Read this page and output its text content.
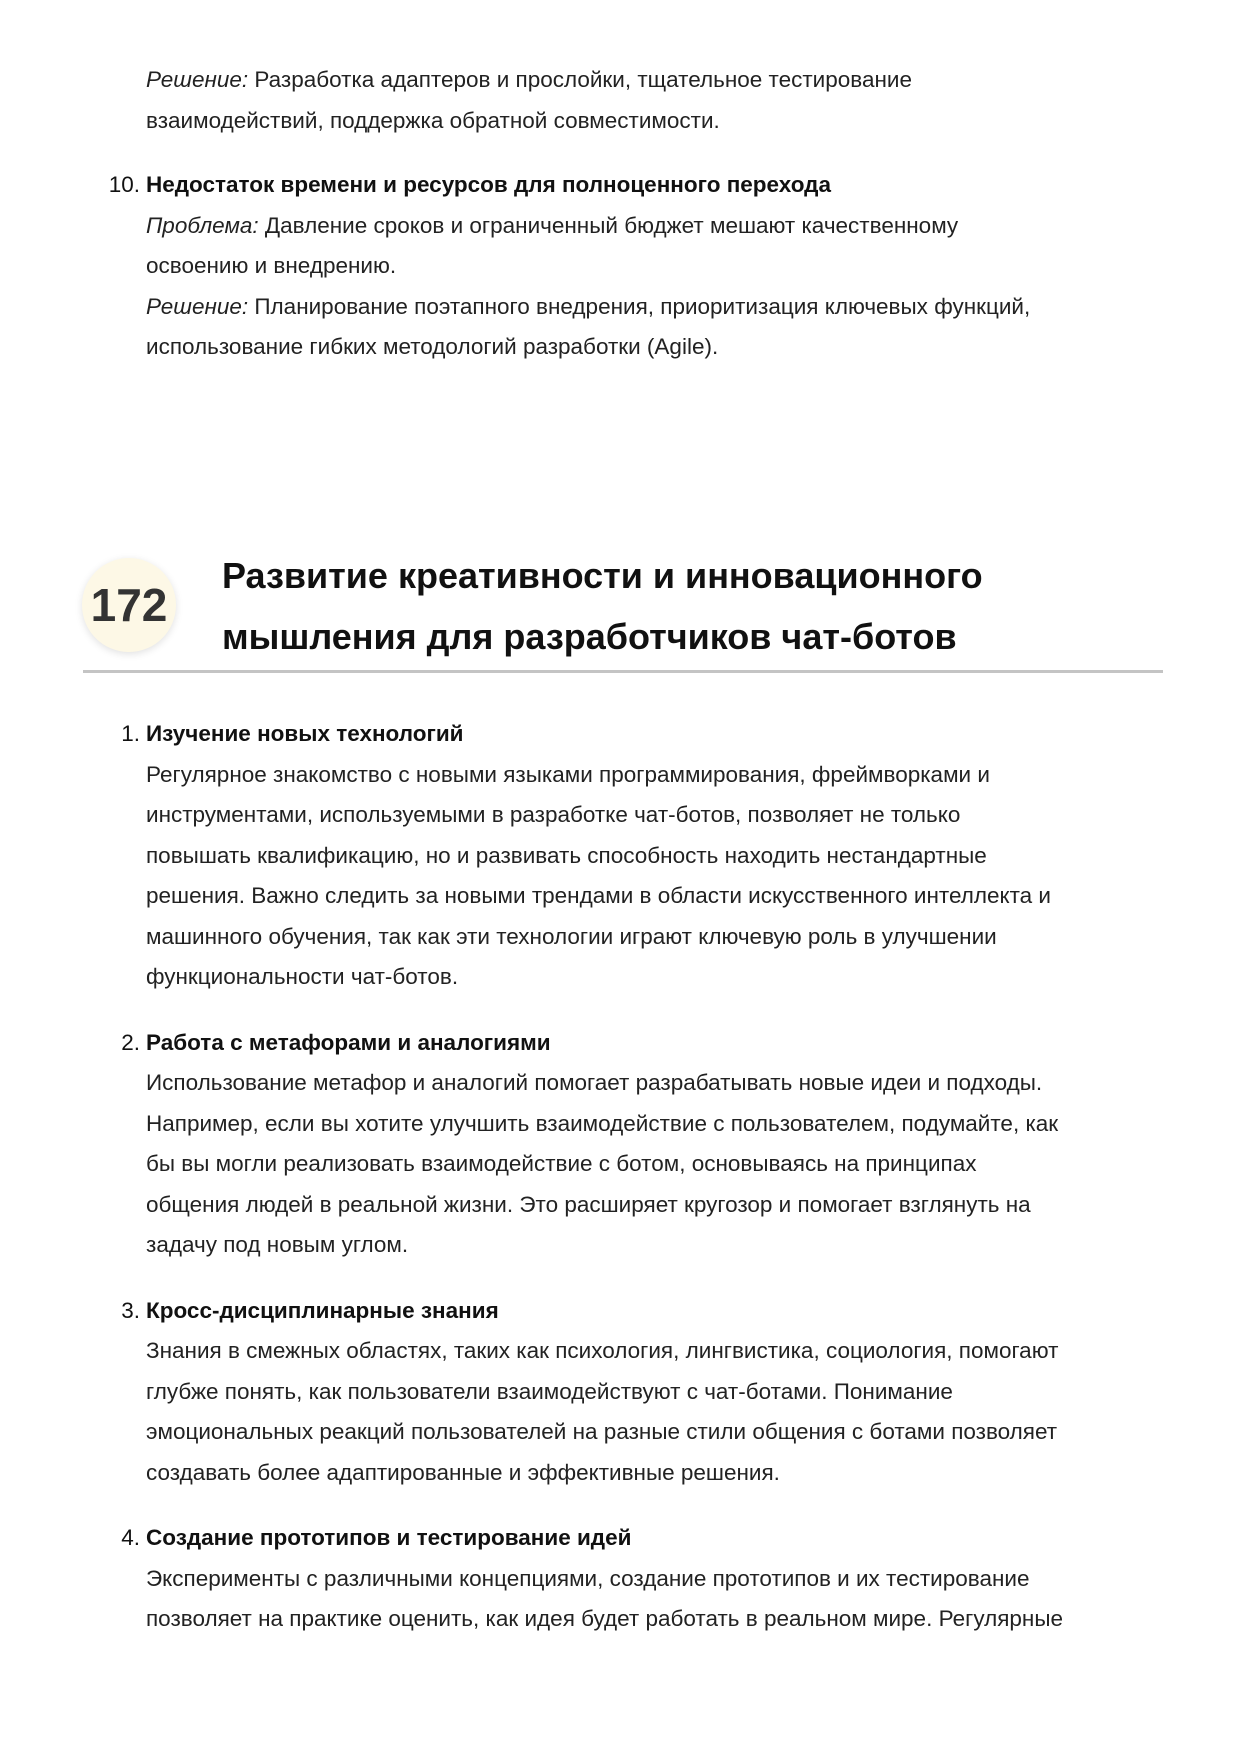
Решение: Разработка адаптеров и прослойки, тщательное тестирование
взаимодействий, поддержка обратной совместимости.
10. Недостаток времени и ресурсов для полноценного перехода
Проблема: Давление сроков и ограниченный бюджет мешают качественному
освоению и внедрению.
Решение: Планирование поэтапного внедрения, приоритизация ключевых функций,
использование гибких методологий разработки (Agile).
172
Развитие креативности и инновационного
мышления для разработчиков чат-ботов
1. Изучение новых технологий
Регулярное знакомство с новыми языками программирования, фреймворками и
инструментами, используемыми в разработке чат-ботов, позволяет не только
повышать квалификацию, но и развивать способность находить нестандартные
решения. Важно следить за новыми трендами в области искусственного интеллекта и
машинного обучения, так как эти технологии играют ключевую роль в улучшении
функциональности чат-ботов.
2. Работа с метафорами и аналогиями
Использование метафор и аналогий помогает разрабатывать новые идеи и подходы.
Например, если вы хотите улучшить взаимодействие с пользователем, подумайте, как
бы вы могли реализовать взаимодействие с ботом, основываясь на принципах
общения людей в реальной жизни. Это расширяет кругозор и помогает взглянуть на
задачу под новым углом.
3. Кросс-дисциплинарные знания
Знания в смежных областях, таких как психология, лингвистика, социология, помогают
глубже понять, как пользователи взаимодействуют с чат-ботами. Понимание
эмоциональных реакций пользователей на разные стили общения с ботами позволяет
создавать более адаптированные и эффективные решения.
4. Создание прототипов и тестирование идей
Эксперименты с различными концепциями, создание прототипов и их тестирование
позволяет на практике оценить, как идея будет работать в реальном мире. Регулярные
